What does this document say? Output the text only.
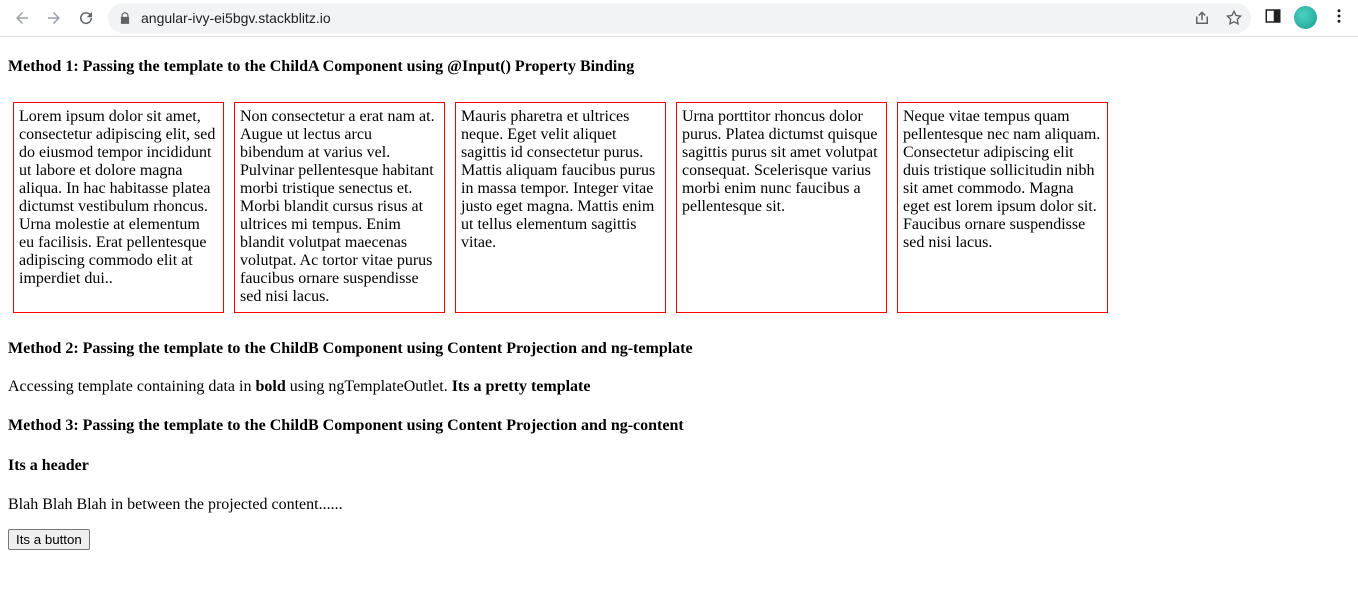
angular-ivy-ei5bgv.stackblitz.io

Method 1: Passing the template to the ChildA Component using @Input() Property Binding

Lorem ipsum dolor sit amet, consectetur adipiscing elit, sed do eiusmod tempor incididunt ut labore et dolore magna aliqua. In hac habitasse platea dictumst vestibulum rhoncus. Urna molestie at elementum eu facilisis. Erat pellentesque adipiscing commodo elit at imperdiet dui..
Non consectetur a erat nam at. Augue ut lectus arcu bibendum at varius vel. Pulvinar pellentesque habitant morbi tristique senectus et. Morbi blandit cursus risus at ultrices mi tempus. Enim blandit volutpat maecenas volutpat. Ac tortor vitae purus faucibus ornare suspendisse sed nisi lacus.
Mauris pharetra et ultrices neque. Eget velit aliquet sagittis id consectetur purus. Mattis aliquam faucibus purus in massa tempor. Integer vitae justo eget magna. Mattis enim ut tellus elementum sagittis vitae.
Urna porttitor rhoncus dolor purus. Platea dictumst quisque sagittis purus sit amet volutpat consequat. Scelerisque varius morbi enim nunc faucibus a pellentesque sit.
Neque vitae tempus quam pellentesque nec nam aliquam. Consectetur adipiscing elit duis tristique sollicitudin nibh sit amet commodo. Magna eget est lorem ipsum dolor sit. Faucibus ornare suspendisse sed nisi lacus.

Method 2: Passing the template to the ChildB Component using Content Projection and ng-template

Accessing template containing data in bold using ngTemplateOutlet. Its a pretty template

Method 3: Passing the template to the ChildB Component using Content Projection and ng-content

Its a header

Blah Blah Blah in between the projected content......

Its a button
